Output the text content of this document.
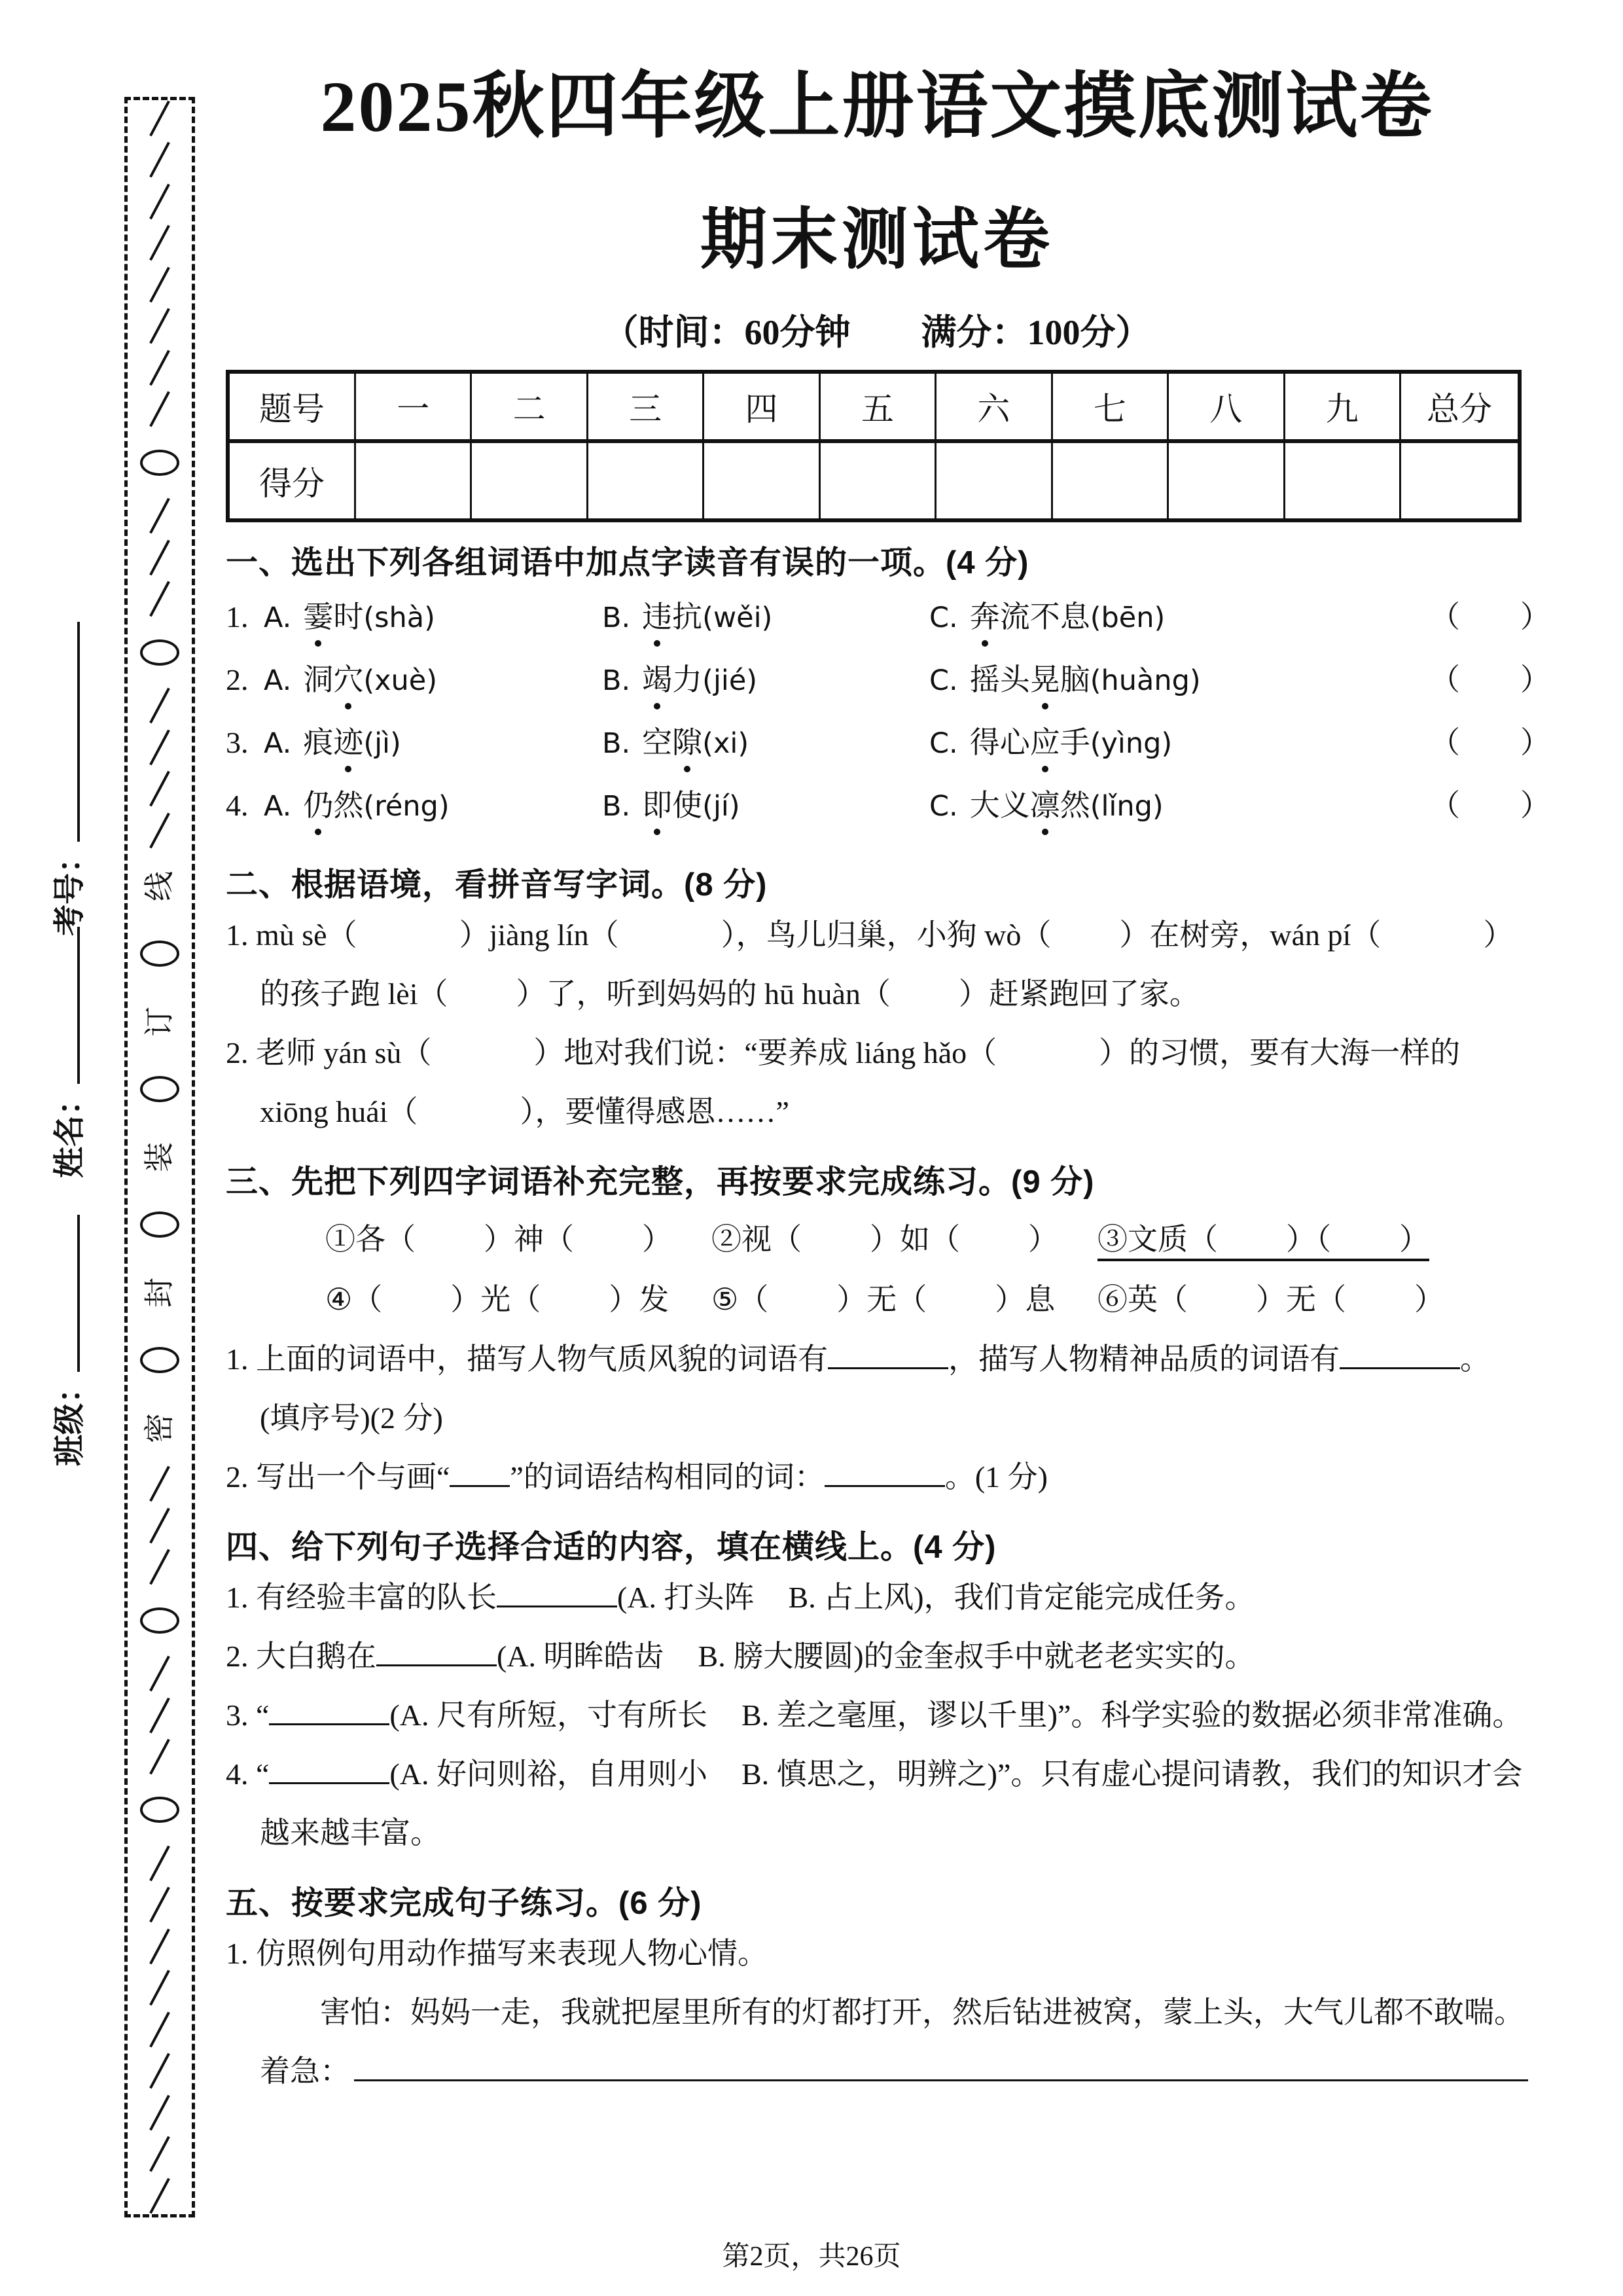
线
订
装
封
密
考号：
姓名：
班级：
2025秋四年级上册语文摸底测试卷
期末测试卷
（时间：60分钟　　满分：100分）
题号	一	二	三	四	五	六	七	八	九	总分
得分										
一、选出下列各组词语中加点字读音有误的一项。(4 分)
1. A. 霎时(shà)	B. 违抗(wěi)	C. 奔流不息(bēn)	（　　）
2. A. 洞穴(xuè)	B. 竭力(jié)	C. 摇头晃脑(huàng)	（　　）
3. A. 痕迹(jì)	B. 空隙(xi)	C. 得心应手(yìng)	（　　）
4. A. 仍然(réng)	B. 即使(jí)	C. 大义凛然(lǐng)	（　　）
二、根据语境，看拼音写字词。(8 分)

1. mù sè（	）jiàng lín（	），鸟儿归巢，小狗 wò（ ）在树旁，wán pí（	）的孩子跑 lèi（ ）了，听到妈妈的 hū huàn（ ）赶紧跑回了家。

2. 老师 yán sù（	）地对我们说：“要养成 liáng hǎo（	）的习惯，要有大海一样的 xiōng huái（	），要懂得感恩……”

三、先把下列四字词语补充完整，再按要求完成练习。(9 分)
①各（ ）神（ ）	②视（ ）如（ ）	③文质（ ）（ ）
④（ ）光（ ）发	⑤（ ）无（ ）息	⑥英（ ）无（ ）

1. 上面的词语中，描写人物气质风貌的词语有	，描写人物精神品质的词语有	。(填序号)(2 分)

2. 写出一个与画“ ”的词语结构相同的词：	。(1 分)

四、给下列句子选择合适的内容，填在横线上。(4 分)

1. 有经验丰富的队长	(A. 打头阵 B. 占上风)，我们肯定能完成任务。

2. 大白鹅在	(A. 明眸皓齿 B. 膀大腰圆)的金奎叔手中就老老实实的。

3. “	(A. 尺有所短，寸有所长 B. 差之毫厘，谬以千里)”。科学实验的数据必须非常准确。

4. “	(A. 好问则裕，自用则小 B. 慎思之，明辨之)”。只有虚心提问请教，我们的知识才会越来越丰富。

五、按要求完成句子练习。(6 分)

1. 仿照例句用动作描写来表现人物心情。

害怕：妈妈一走，我就把屋里所有的灯都打开，然后钻进被窝，蒙上头，大气儿都不敢喘。

着急：
第2页，共26页
